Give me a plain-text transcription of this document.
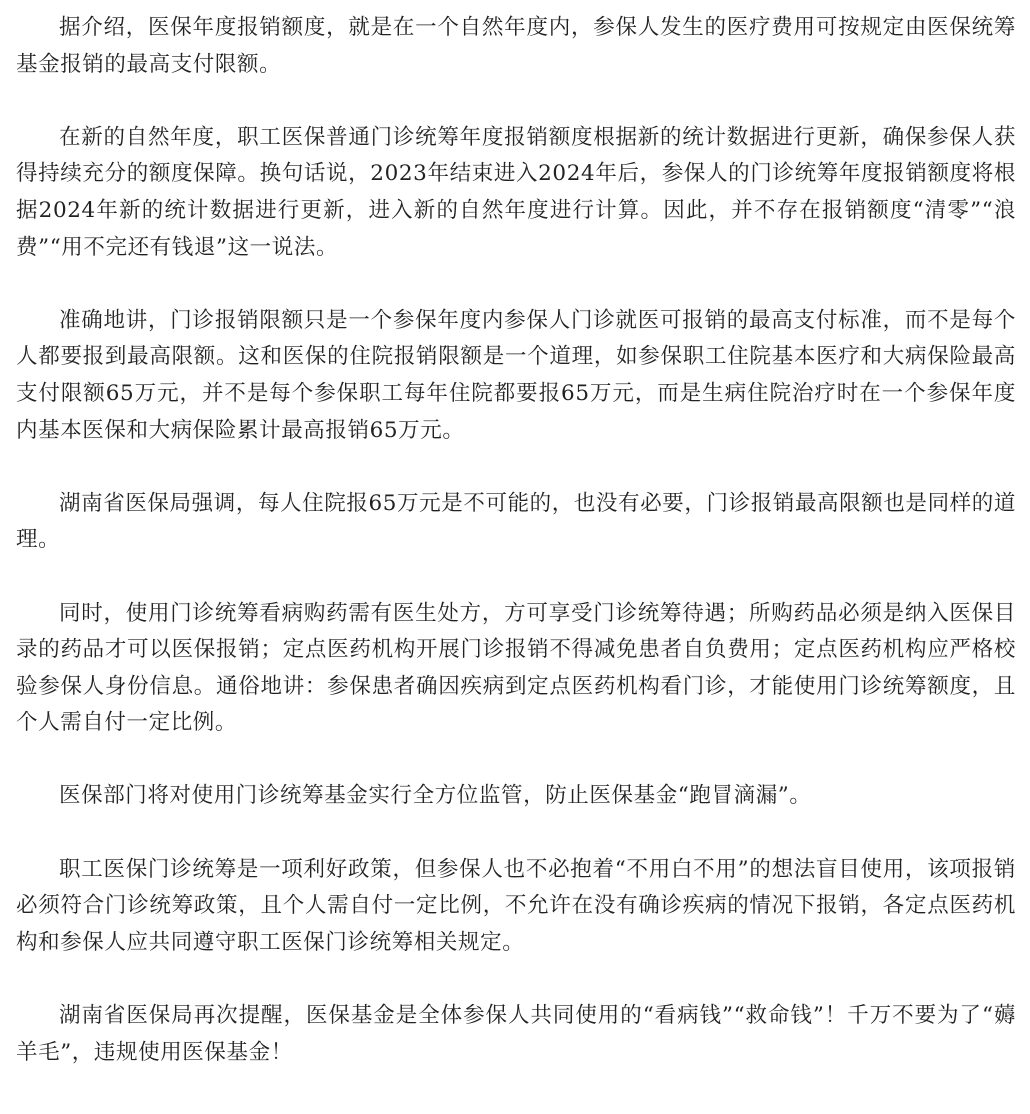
据介绍，医保年度报销额度，就是在一个自然年度内，参保人发生的医疗费用可按规定由医保统筹基金报销的最高支付限额。

在新的自然年度，职工医保普通门诊统筹年度报销额度根据新的统计数据进行更新，确保参保人获得持续充分的额度保障。换句话说，2023年结束进入2024年后，参保人的门诊统筹年度报销额度将根据2024年新的统计数据进行更新，进入新的自然年度进行计算。因此，并不存在报销额度“清零”“浪费”“用不完还有钱退”这一说法。

准确地讲，门诊报销限额只是一个参保年度内参保人门诊就医可报销的最高支付标准，而不是每个人都要报到最高限额。这和医保的住院报销限额是一个道理，如参保职工住院基本医疗和大病保险最高支付限额65万元，并不是每个参保职工每年住院都要报65万元，而是生病住院治疗时在一个参保年度内基本医保和大病保险累计最高报销65万元。

湖南省医保局强调，每人住院报65万元是不可能的，也没有必要，门诊报销最高限额也是同样的道理。

同时，使用门诊统筹看病购药需有医生处方，方可享受门诊统筹待遇；所购药品必须是纳入医保目录的药品才可以医保报销；定点医药机构开展门诊报销不得减免患者自负费用；定点医药机构应严格校验参保人身份信息。通俗地讲：参保患者确因疾病到定点医药机构看门诊，才能使用门诊统筹额度，且个人需自付一定比例。

医保部门将对使用门诊统筹基金实行全方位监管，防止医保基金“跑冒滴漏”。

职工医保门诊统筹是一项利好政策，但参保人也不必抱着“不用白不用”的想法盲目使用，该项报销必须符合门诊统筹政策，且个人需自付一定比例，不允许在没有确诊疾病的情况下报销，各定点医药机构和参保人应共同遵守职工医保门诊统筹相关规定。

湖南省医保局再次提醒，医保基金是全体参保人共同使用的“看病钱”“救命钱”！千万不要为了“薅羊毛”，违规使用医保基金！
